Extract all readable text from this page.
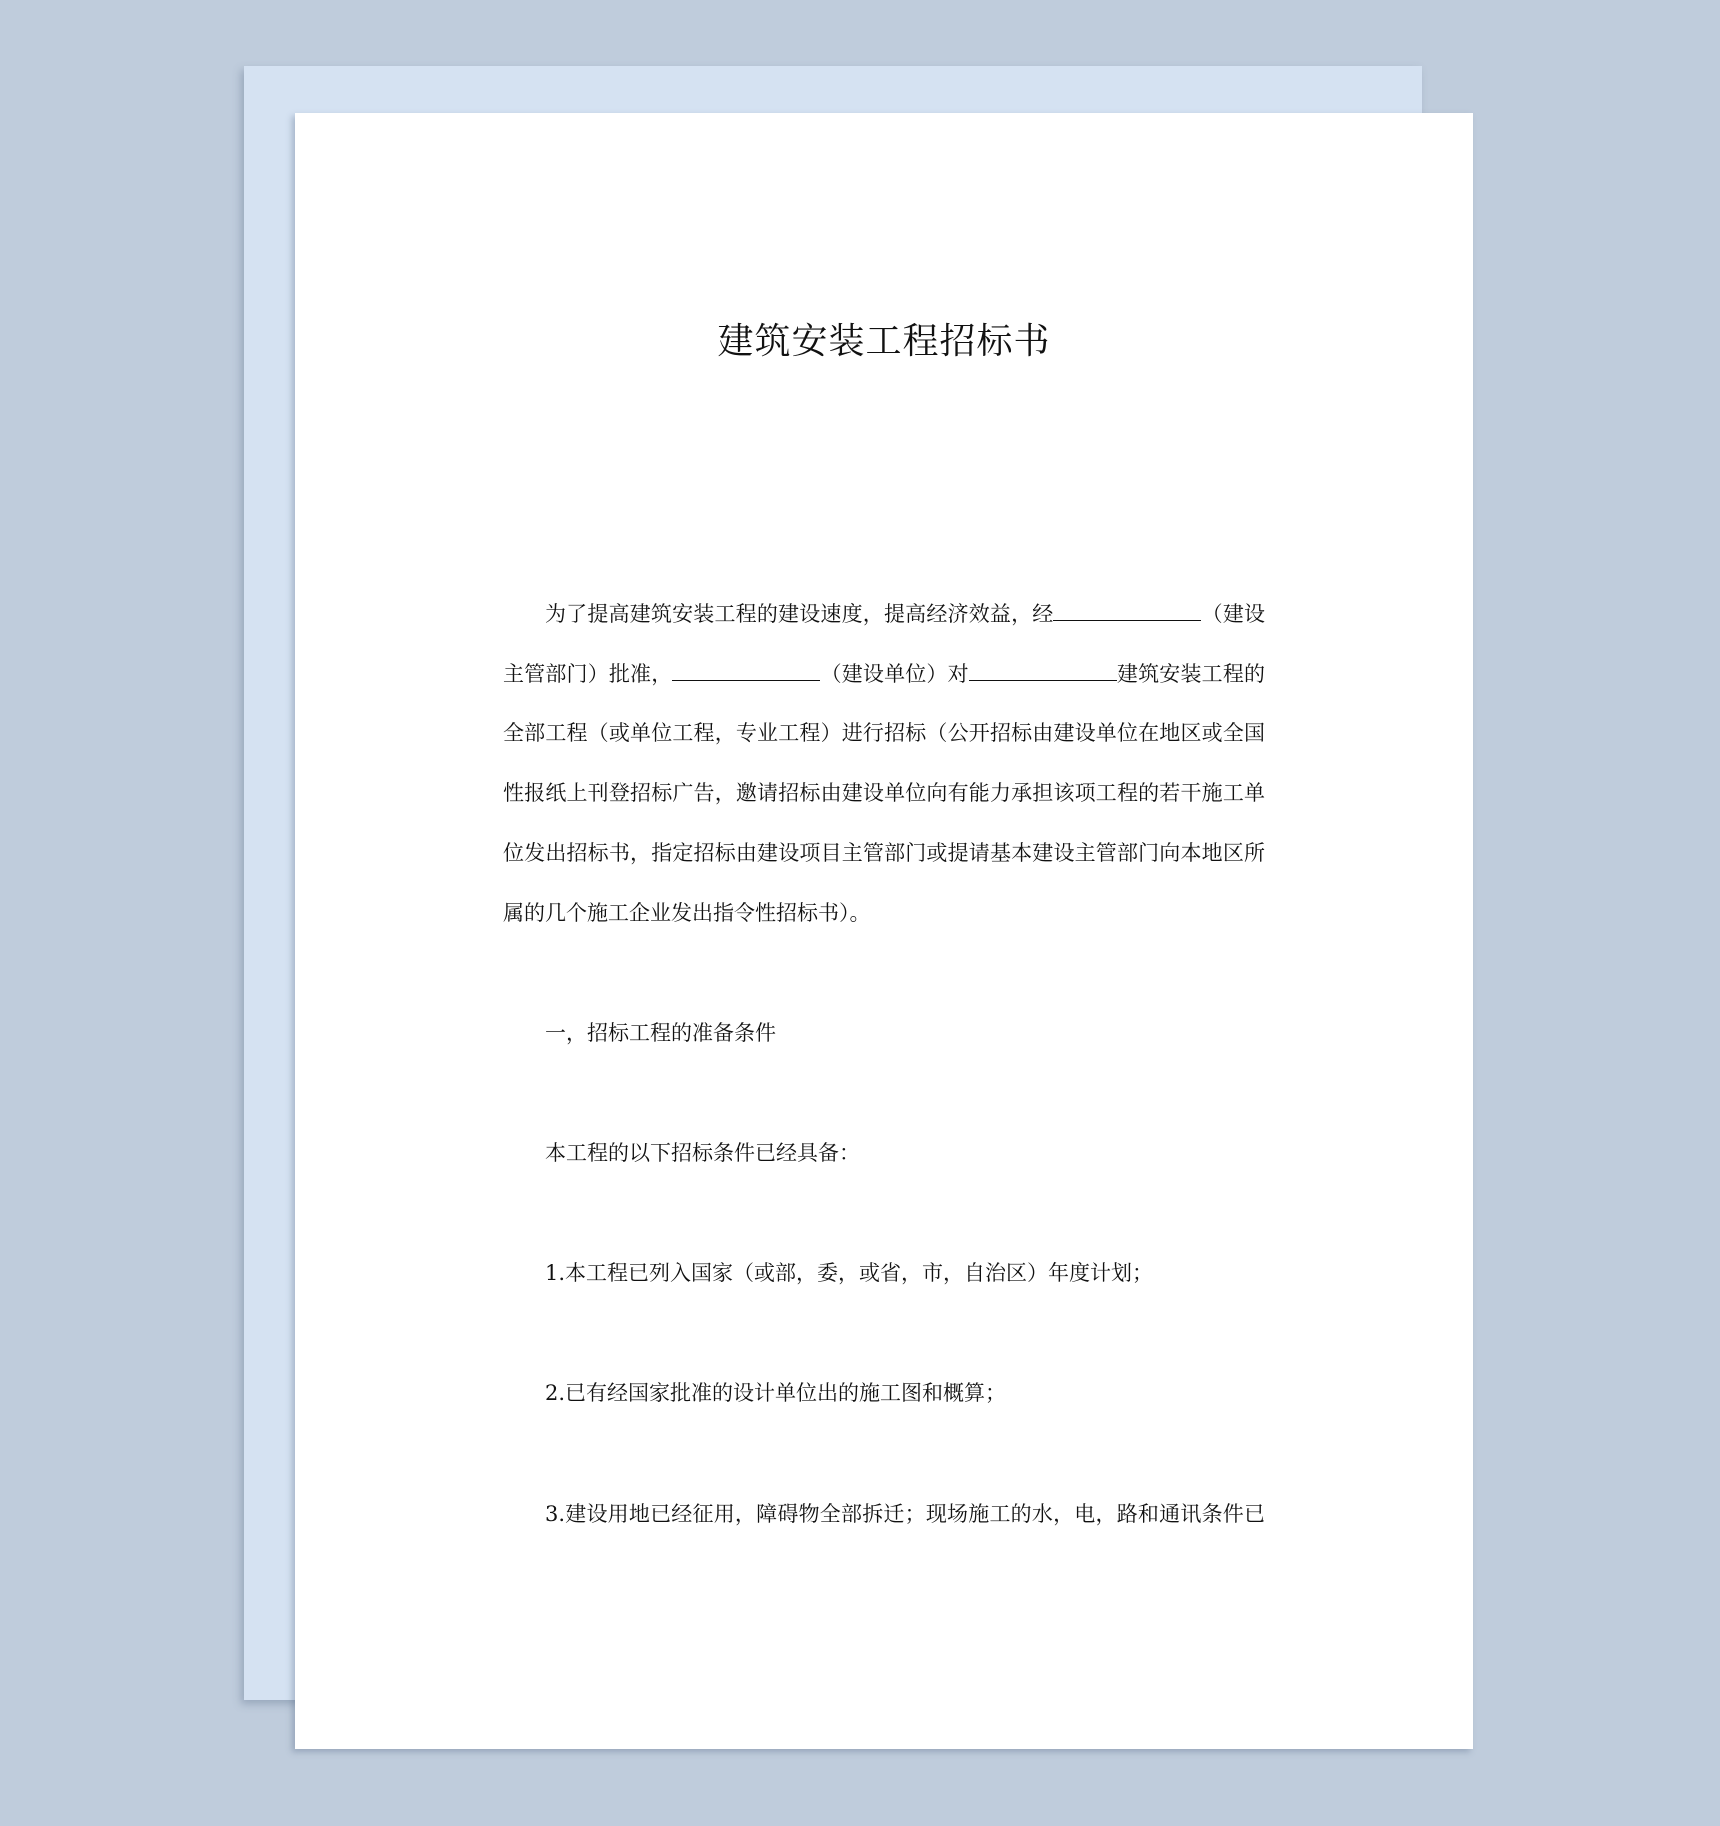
建筑安装工程招标书
为了提高建筑安装工程的建设速度，提高经济效益，经	（建设
主管部门）批准，	（建设单位）对	建筑安装工程的
全部工程（或单位工程，专业工程）进行招标（公开招标由建设单位在地区或全国
性报纸上刊登招标广告，邀请招标由建设单位向有能力承担该项工程的若干施工单
位发出招标书，指定招标由建设项目主管部门或提请基本建设主管部门向本地区所
属的几个施工企业发出指令性招标书）。
一，招标工程的准备条件
本工程的以下招标条件已经具备：
1.本工程已列入国家（或部，委，或省，市，自治区）年度计划；
2.已有经国家批准的设计单位出的施工图和概算；
3.建设用地已经征用，障碍物全部拆迁；现场施工的水，电，路和通讯条件已
